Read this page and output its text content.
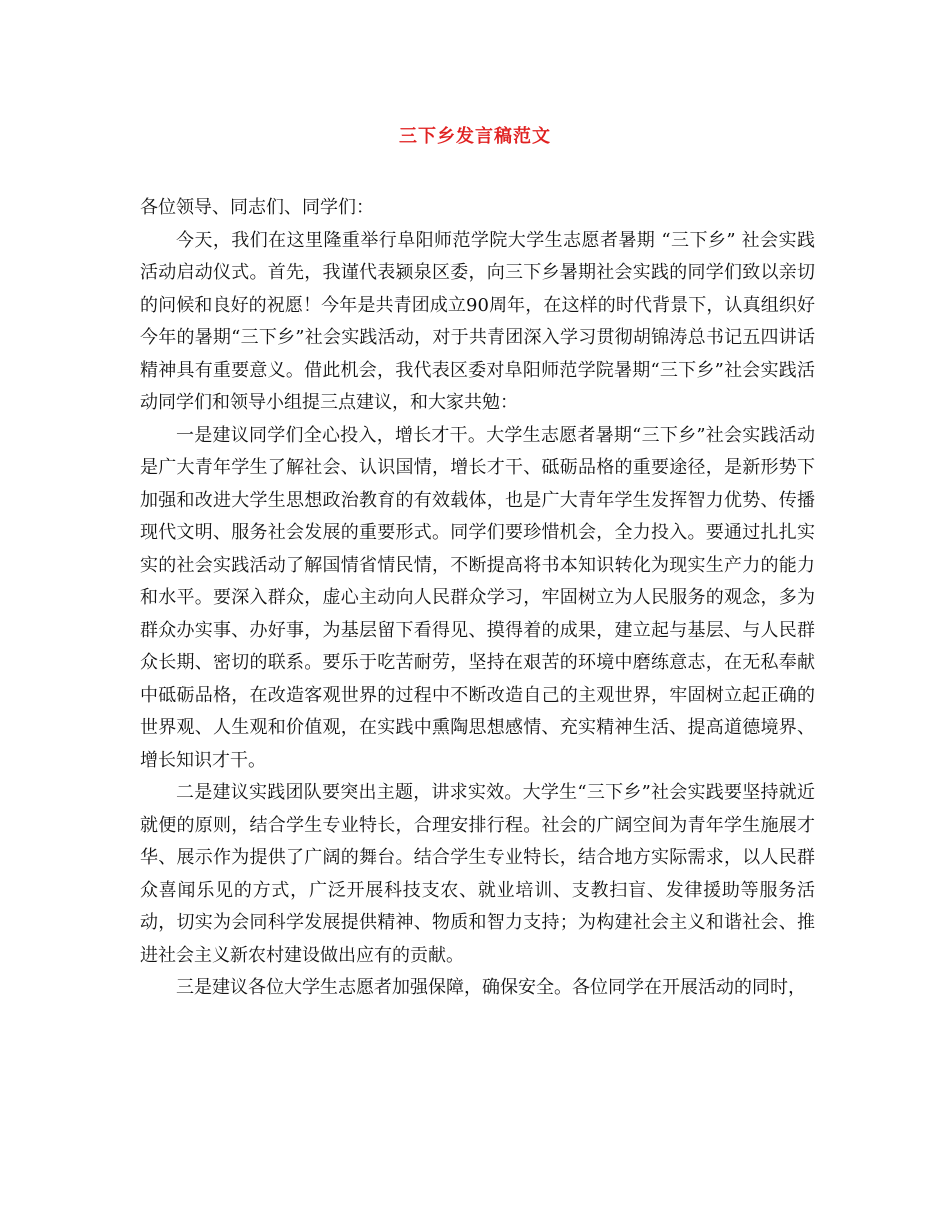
三下乡发言稿范文

各位领导、同志们、同学们：

今天，我们在这里隆重举行阜阳师范学院大学生志愿者暑期 “三下乡” 社会实践活动启动仪式。首先，我谨代表颍泉区委，向三下乡暑期社会实践的同学们致以亲切的问候和良好的祝愿！今年是共青团成立90周年，在这样的时代背景下，认真组织好今年的暑期“三下乡”社会实践活动，对于共青团深入学习贯彻胡锦涛总书记五四讲话精神具有重要意义。借此机会，我代表区委对阜阳师范学院暑期“三下乡”社会实践活动同学们和领导小组提三点建议，和大家共勉：

一是建议同学们全心投入，增长才干。大学生志愿者暑期“三下乡”社会实践活动是广大青年学生了解社会、认识国情，增长才干、砥砺品格的重要途径，是新形势下加强和改进大学生思想政治教育的有效载体，也是广大青年学生发挥智力优势、传播现代文明、服务社会发展的重要形式。同学们要珍惜机会，全力投入。要通过扎扎实实的社会实践活动了解国情省情民情，不断提高将书本知识转化为现实生产力的能力和水平。要深入群众，虚心主动向人民群众学习，牢固树立为人民服务的观念，多为群众办实事、办好事，为基层留下看得见、摸得着的成果，建立起与基层、与人民群众长期、密切的联系。要乐于吃苦耐劳，坚持在艰苦的环境中磨练意志，在无私奉献中砥砺品格，在改造客观世界的过程中不断改造自己的主观世界，牢固树立起正确的世界观、人生观和价值观，在实践中熏陶思想感情、充实精神生活、提高道德境界、增长知识才干。

二是建议实践团队要突出主题，讲求实效。大学生“三下乡”社会实践要坚持就近就便的原则，结合学生专业特长，合理安排行程。社会的广阔空间为青年学生施展才华、展示作为提供了广阔的舞台。结合学生专业特长，结合地方实际需求，以人民群众喜闻乐见的方式，广泛开展科技支农、就业培训、支教扫盲、发律援助等服务活动，切实为会同科学发展提供精神、物质和智力支持；为构建社会主义和谐社会、推进社会主义新农村建设做出应有的贡献。

三是建议各位大学生志愿者加强保障，确保安全。各位同学在开展活动的同时，
